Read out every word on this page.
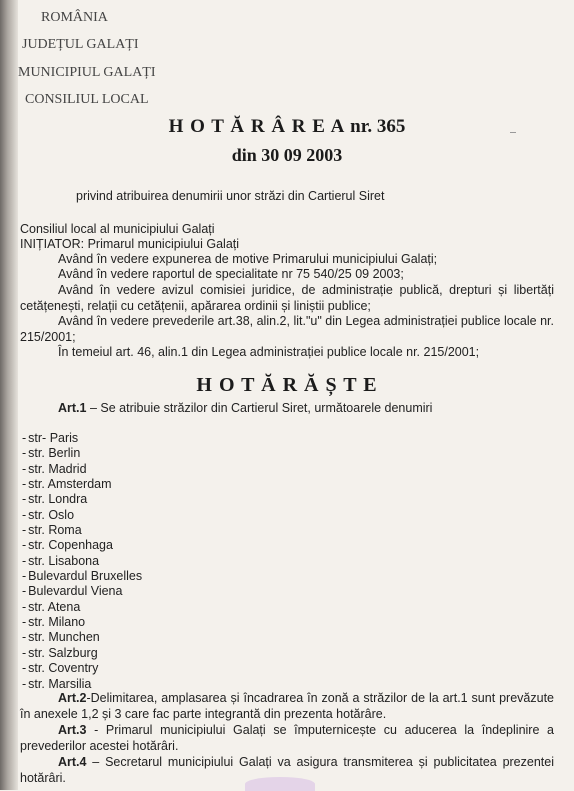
ROMÂNIA
JUDEȚUL GALAȚI
MUNICIPIUL GALAȚI
CONSILIUL LOCAL
H O T Ă R Â R E A nr. 365
din 30 09 2003
privind atribuirea denumirii unor străzi din Cartierul Siret
Consiliul local al municipiului Galați
INIȚIATOR: Primarul municipiului Galați
Având în vedere expunerea de motive Primarului municipiului Galați;
Având în vedere raportul de specialitate nr 75 540/25 09 2003;
Având în vedere avizul comisiei juridice, de administrație publică, drepturi și libertăți cetățenești, relații cu cetățenii, apărarea ordinii și liniștii publice;
Având în vedere prevederile art.38, alin.2, lit."u" din Legea administrației publice locale nr. 215/2001;
În temeiul art. 46, alin.1 din Legea administrației publice locale nr. 215/2001;
H O T Ă R Ă Ș T E
Art.1 – Se atribuie străzilor din Cartierul Siret, următoarele denumiri
- str- Paris
- str. Berlin
- str. Madrid
- str. Amsterdam
- str. Londra
- str. Oslo
- str. Roma
- str. Copenhaga
- str. Lisabona
- Bulevardul Bruxelles
- Bulevardul Viena
- str. Atena
- str. Milano
- str. Munchen
- str. Salzburg
- str. Coventry
- str. Marsilia
Art.2-Delimitarea, amplasarea și încadrarea în zonă a străzilor de la art.1 sunt prevăzute în anexele 1,2 și 3 care fac parte integrantă din prezenta hotărâre.
Art.3 - Primarul municipiului Galați se împuternicește cu aducerea la îndeplinire a prevederilor acestei hotărâri.
Art.4 – Secretarul municipiului Galați va asigura transmiterea și publicitatea prezentei hotărâri.
